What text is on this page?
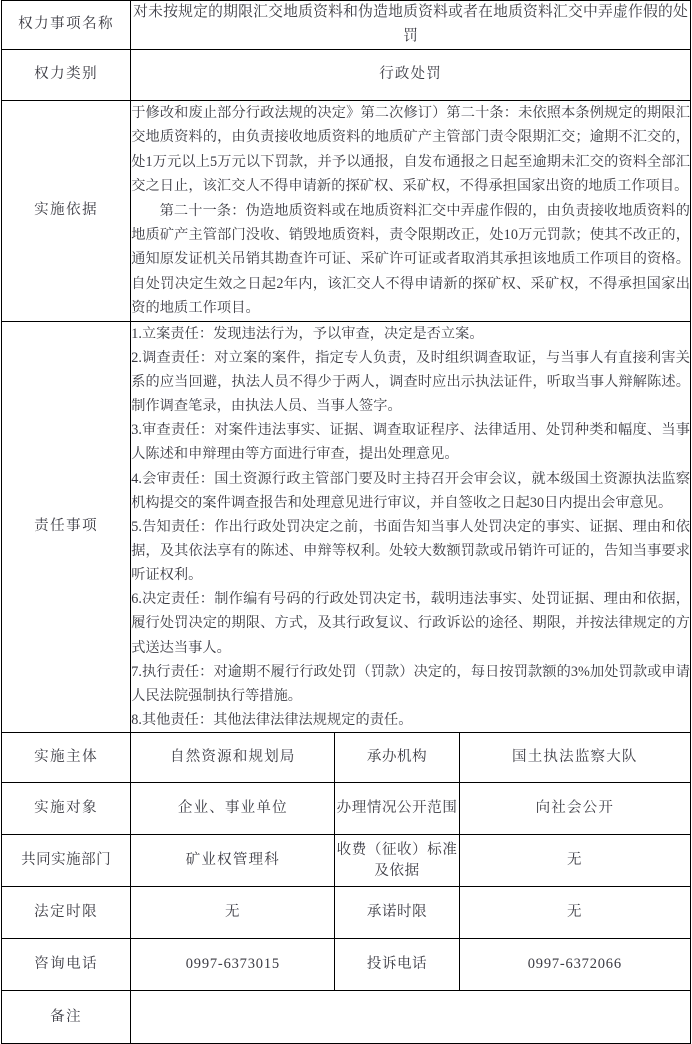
权力事项名称	对未按规定的期限汇交地质资料和伪造地质资料或者在地质资料汇交中弄虚作假的处罚		
权力类别	行政处罚		
实施依据	于修改和废止部分行政法规的决定》第二次修订）第二十条：未依照本条例规定的期限汇交地质资料的，由负责接收地质资料的地质矿产主管部门责令限期汇交；逾期不汇交的，处1万元以上5万元以下罚款，并予以通报，自发布通报之日起至逾期未汇交的资料全部汇交之日止，该汇交人不得申请新的探矿权、采矿权，不得承担国家出资的地质工作项目。

第二十一条：伪造地质资料或在地质资料汇交中弄虚作假的，由负责接收地质资料的地质矿产主管部门没收、销毁地质资料，责令限期改正，处10万元罚款；使其不改正的，通知原发证机关吊销其勘查许可证、采矿许可证或者取消其承担该地质工作项目的资格。自处罚决定生效之日起2年内，该汇交人不得申请新的探矿权、采矿权，不得承担国家出资的地质工作项目。		

责任事项	
1.立案责任：发现违法行为，予以审查，决定是否立案。
2.调查责任：对立案的案件，指定专人负责，及时组织调查取证，与当事人有直接利害关系的应当回避，执法人员不得少于两人，调查时应出示执法证件，听取当事人辩解陈述。制作调查笔录，由执法人员、当事人签字。
3.审查责任：对案件违法事实、证据、调查取证程序、法律适用、处罚种类和幅度、当事人陈述和申辩理由等方面进行审查，提出处理意见。
4.会审责任：国土资源行政主管部门要及时主持召开会审会议，就本级国土资源执法监察机构提交的案件调查报告和处理意见进行审议，并自签收之日起30日内提出会审意见。
5.告知责任：作出行政处罚决定之前，书面告知当事人处罚决定的事实、证据、理由和依据，及其依法享有的陈述、申辩等权利。处较大数额罚款或吊销许可证的，告知当事要求听证权利。
6.决定责任：制作编有号码的行政处罚决定书，载明违法事实、处罚证据、理由和依据，履行处罚决定的期限、方式，及其行政复议、行政诉讼的途径、期限，并按法律规定的方式送达当事人。
7.执行责任：对逾期不履行行政处罚（罚款）决定的，每日按罚款额的3%加处罚款或申请人民法院强制执行等措施。
8.其他责任：其他法律法律法规规定的责任。

实施主体	自然资源和规划局	承办机构	国土执法监察大队
实施对象	企业、事业单位	办理情况公开范围	向社会公开
共同实施部门	矿业权管理科	收费（征收）标准及依据	无
法定时限	无	承诺时限	无
咨询电话	0997-6373015	投诉电话	0997-6372066
备注			
